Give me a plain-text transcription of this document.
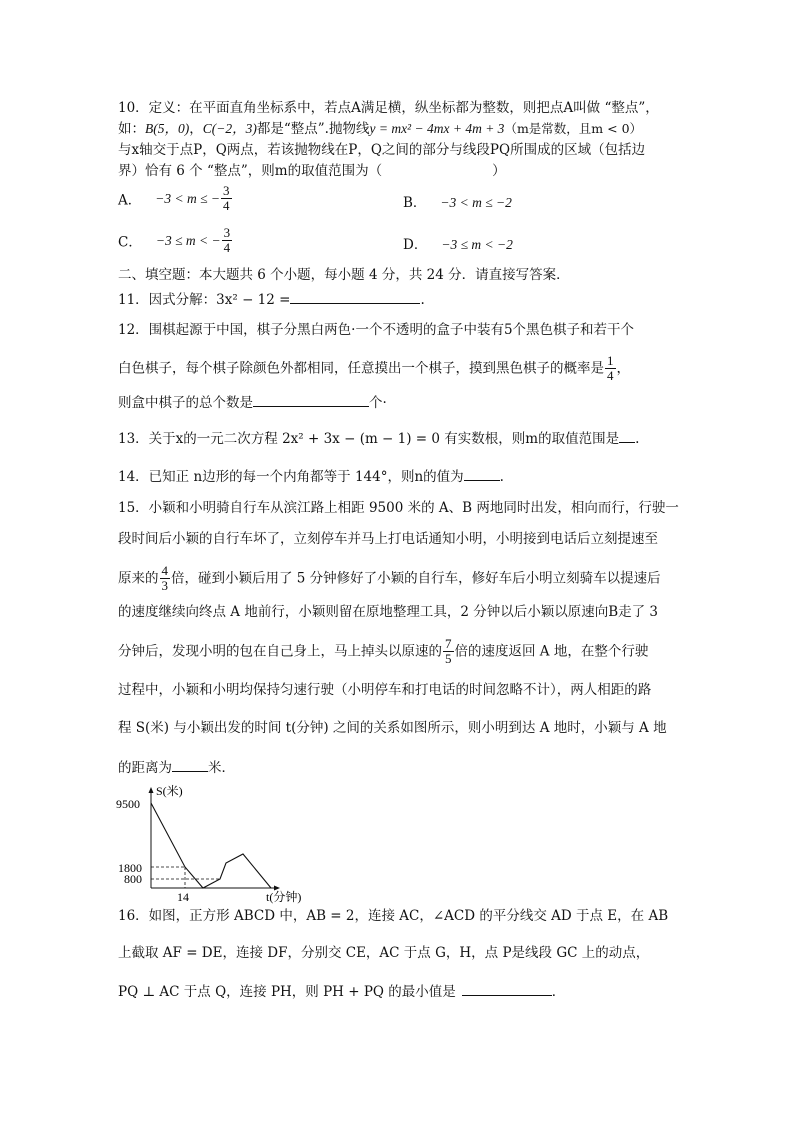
10．定义：在平面直角坐标系中，若点A满足横，纵坐标都为整数，则把点A叫做 “整点”，
如：B(5，0)，C(−2，3)都是“整点”.抛物线y = mx² − 4mx + 4m + 3（m是常数，且m < 0）
与x轴交于点P，Q两点，若该抛物线在P，Q之间的部分与线段PQ所围成的区域（包括边
界）恰有 6 个 “整点”，则m的取值范围为（	）
A． −3 < m ≤ − $\frac{3}{4}$	B． −3 < m ≤ −2
C． −3 ≤ m < − $\frac{3}{4}$	D． −3 ≤ m < −2
二、填空题：本大题共 6 个小题，每小题 4 分，共 24 分．请直接写答案．
11．因式分解：3x² − 12 =	.
12．围棋起源于中国，棋子分黑白两色·一个不透明的盒子中装有5个黑色棋子和若干个
白色棋子，每个棋子除颜色外都相同，任意摸出一个棋子，摸到黑色棋子的概率是 $\frac{1}{4}$ ，
则盒中棋子的总个数是	个·
13．关于x的一元二次方程 2x² + 3x − (m − 1) = 0 有实数根，则m的取值范围是 .
14．已知正 n边形的每一个内角都等于 144°，则n的值为	.
15．小颖和小明骑自行车从滨江路上相距 9500 米的 A、B 两地同时出发，相向而行，行驶一
段时间后小颖的自行车坏了，立刻停车并马上打电话通知小明，小明接到电话后立刻提速至
原来的 $\frac{4}{3}$ 倍，碰到小颖后用了 5 分钟修好了小颖的自行车，修好车后小明立刻骑车以提速后
的速度继续向终点 A 地前行，小颖则留在原地整理工具，2 分钟以后小颖以原速向B走了 3
分钟后，发现小明的包在自己身上，马上掉头以原速的 $\frac{7}{5}$ 倍的速度返回 A 地，在整个行驶
过程中，小颖和小明均保持匀速行驶（小明停车和打电话的时间忽略不计），两人相距的路
程 S(米) 与小颖出发的时间 t(分钟) 之间的关系如图所示，则小明到达 A 地时，小颖与 A 地
的距离为	米．
16．如图，正方形 ABCD 中，AB = 2，连接 AC，∠ACD 的平分线交 AD 于点 E，在 AB
上截取 AF = DE，连接 DF，分别交 CE，AC 于点 G，H，点 P是线段 GC 上的动点，
PQ ⊥ AC 于点 Q，连接 PH，则 PH + PQ 的最小值是	．
S(米)
t(分钟)
9500
1800
800
14
